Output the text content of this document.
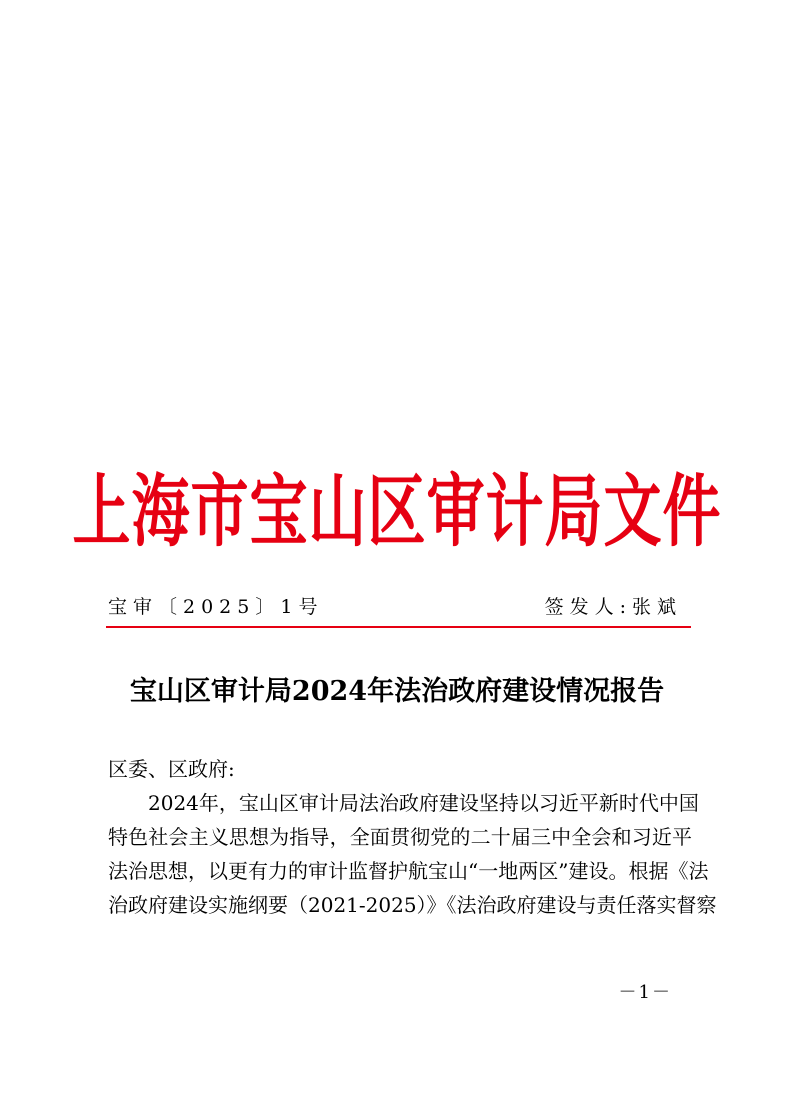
上海市宝山区审计局文件
宝审〔2025〕1号	签发人:张斌
宝山区审计局2024年法治政府建设情况报告
区委、区政府:
2024年，宝山区审计局法治政府建设坚持以习近平新时代中国
特色社会主义思想为指导，全面贯彻党的二十届三中全会和习近平
法治思想，以更有力的审计监督护航宝山“一地两区”建设。根据《法
治政府建设实施纲要（2021-2025）》《法治政府建设与责任落实督察
－1－
